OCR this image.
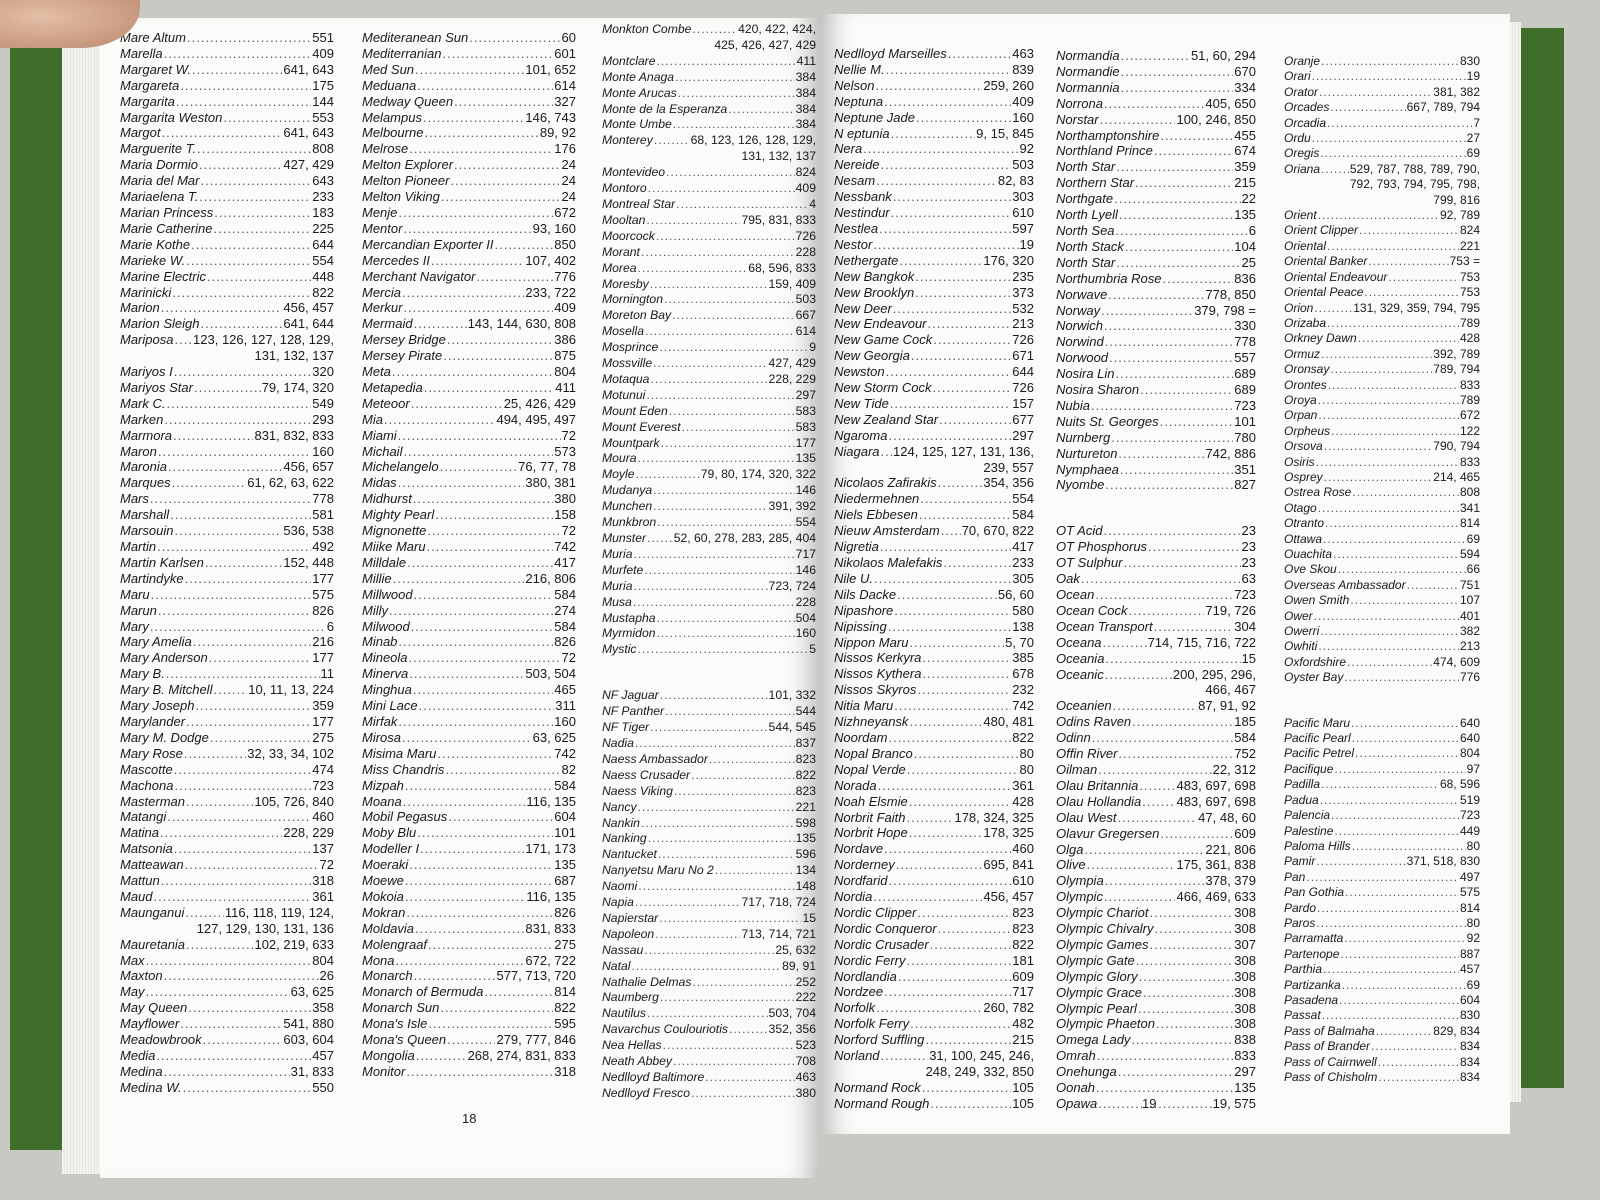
Mare Altum .....	551
Marella .....	409
Margaret W. .....	641, 643
Margareta .....	175
Margarita .....	144
Margarita Weston .....	553
Margot .....	641, 643
Marguerite T. .....	808
Maria Dormio .....	427, 429
Maria del Mar .....	643
Mariaelena T. .....	233
Marian Princess .....	183
Marie Catherine .....	225
Marie Kothe .....	644
Marieke W. .....	554
Marine Electric .....	448
Marinicki .....	822
Marion .....	456, 457
Marion Sleigh .....	641, 644
Mariposa ..... 123, 126, 127, 128, 129,
131, 132, 137
Mariyos I .....	320
Mariyos Star .....	79, 174, 320
Mark C. .....	549
Marken .....	293
Marmora .....	831, 832, 833
Maron .....	160
Maronia .....	456, 657
Marques .....	61, 62, 63, 622
Mars .....	778
Marshall .....	581
Marsouin .....	536, 538
Martin .....	492
Martin Karlsen .....	152, 448
Martindyke .....	177
Maru .....	575
Marun .....	826
Mary .....	6
Mary Amelia .....	216
Mary Anderson .....	177
Mary B. .....	11
Mary B. Mitchell .....	10, 11, 13, 224
Mary Joseph .....	359
Marylander .....	177
Mary M. Dodge .....	275
Mary Rose .....	32, 33, 34, 102
Mascotte .....	474
Machona .....	723
Masterman .....	105, 726, 840
Matangi .....	460
Matina .....	228, 229
Matsonia .....	137
Matteawan .....	72
Mattun .....	318
Maud .....	361
Maunganui .....	116, 118, 119, 124,
127, 129, 130, 131, 136
Mauretania .....	102, 219, 633
Max .....	804
Maxton .....	26
May .....	63, 625
May Queen .....	358
Mayflower .....	541, 880
Meadowbrook .....	603, 604
Media .....	457
Medina .....	31, 833
Medina W. .....	550
Mediteranean Sun .....	60
Mediterranian .....	601
Med Sun .....	101, 652
Meduana .....	614
Medway Queen .....	327
Melampus .....	146, 743
Melbourne .....	89, 92
Melrose .....	176
Melton Explorer .....	24
Melton Pioneer .....	24
Melton Viking .....	24
Menje .....	672
Mentor .....	93, 160
Mercandian Exporter II .....	850
Mercedes II .....	107, 402
Merchant Navigator .....	776
Mercia .....	233, 722
Merkur .....	409
Mermaid .....	143, 144, 630, 808
Mersey Bridge .....	386
Mersey Pirate .....	875
Meta .....	804
Metapedia .....	411
Meteoor .....	25, 426, 429
Mia .....	494, 495, 497
Miami .....	72
Michail .....	573
Michelangelo .....	76, 77, 78
Midas .....	380, 381
Midhurst .....	380
Mighty Pearl .....	158
Mignonette .....	72
Miike Maru .....	742
Milldale .....	417
Millie .....	216, 806
Millwood .....	584
Milly .....	274
Milwood .....	584
Minab .....	826
Mineola .....	72
Minerva .....	503, 504
Minghua .....	465
Mini Lace .....	311
Mirfak .....	160
Mirosa .....	63, 625
Misima Maru .....	742
Miss Chandris .....	82
Mizpah .....	584
Moana .....	116, 135
Mobil Pegasus .....	604
Moby Blu .....	101
Modeller I .....	171, 173
Moeraki .....	135
Moewe .....	687
Mokoia .....	116, 135
Mokran .....	826
Moldavia .....	831, 833
Molengraaf .....	275
Mona .....	672, 722
Monarch .....	577, 713, 720
Monarch of Bermuda .....	814
Monarch Sun .....	822
Mona's Isle .....	595
Mona's Queen .....	279, 777, 846
Mongolia .....	268, 274, 831, 833
Monitor .....	318
Monkton Combe .....	420, 422, 424,
425, 426, 427, 429
Montclare .....	411
Monte Anaga .....	384
Monte Arucas .....	384
Monte de la Esperanza .....	384
Monte Umbe .....	384
Monterey .....	68, 123, 126, 128, 129,
131, 132, 137
Montevideo .....	824
Montoro .....	409
Montreal Star .....	4
Mooltan .....	795, 831, 833
Moorcock .....	726
Morant .....	228
Morea .....	68, 596, 833
Moresby .....	159, 409
Mornington .....	503
Moreton Bay .....	667
Mosella .....	614
Mosprince .....	9
Mossville .....	427, 429
Motaqua .....	228, 229
Motunui .....	297
Mount Eden .....	583
Mount Everest .....	583
Mountpark .....	177
Moura .....	135
Moyle .....	79, 80, 174, 320, 322
Mudanya .....	146
Munchen .....	391, 392
Munkbron .....	554
Munster ..... 52, 60, 278, 283, 285, 404
Muria .....	717
Murfete .....	146
Muria .....	723, 724
Musa .....	228
Mustapha .....	504
Myrmidon .....	160
Mystic .....	5
NF Jaguar .....	101, 332
NF Panther .....	544
NF Tiger .....	544, 545
Nadia .....	837
Naess Ambassador .....	823
Naess Crusader .....	822
Naess Viking .....	823
Nancy .....	221
Nankin .....	598
Nanking .....	135
Nantucket .....	596
Nanyetsu Maru No 2 .....	134
Naomi .....	148
Napia .....	717, 718, 724
Napierstar .....	15
Napoleon .....	713, 714, 721
Nassau .....	25, 632
Natal .....	89, 91
Nathalie Delmas .....	252
Naumberg .....	222
Nautilus .....	503, 704
Navarchus Coulouriotis .....	352, 356
Nea Hellas .....	523
Neath Abbey .....	708
Nedlloyd Baltimore .....	463
Nedlloyd Fresco .....	380
18
Nedlloyd Marseilles .....	463
Nellie M. .....	839
Nelson .....	259, 260
Neptuna .....	409
Neptune Jade .....	160
N eptunia .....	9, 15, 845
Nera .....	92
Nereide .....	503
Nesam .....	82, 83
Nessbank .....	303
Nestindur .....	610
Nestlea .....	597
Nestor .....	19
Nethergate .....	176, 320
New Bangkok .....	235
New Brooklyn .....	373
New Deer .....	532
New Endeavour .....	213
New Game Cock .....	726
New Georgia .....	671
Newston .....	644
New Storm Cock .....	726
New Tide .....	157
New Zealand Star .....	677
Ngaroma .....	297
Niagara ..... 124, 125, 127, 131, 136,
239, 557
Nicolaos Zafirakis .....	354, 356
Niedermehnen .....	554
Niels Ebbesen .....	584
Nieuw Amsterdam ..... 70, 670, 822
Nigretia .....	417
Nikolaos Malefakis .....	233
Nile U. .....	305
Nils Dacke .....	56, 60
Nipashore .....	580
Nipissing .....	138
Nippon Maru .....	5, 70
Nissos Kerkyra .....	385
Nissos Kythera .....	678
Nissos Skyros .....	232
Nitia Maru .....	742
Nizhneyansk .....	480, 481
Noordam .....	822
Nopal Branco .....	80
Nopal Verde .....	80
Norada .....	361
Noah Elsmie .....	428
Norbrit Faith .....	178, 324, 325
Norbrit Hope .....	178, 325
Nordave .....	460
Norderney .....	695, 841
Nordfarid .....	610
Nordia .....	456, 457
Nordic Clipper .....	823
Nordic Conqueror .....	823
Nordic Crusader .....	822
Nordic Ferry .....	181
Nordlandia .....	609
Nordzee .....	717
Norfolk .....	260, 782
Norfolk Ferry .....	482
Norford Suffling .....	215
Norland .....	31, 100, 245, 246,
248, 249, 332, 850
Normand Rock .....	105
Normand Rough .....	105
Normandia .....	51, 60, 294
Normandie .....	670
Normannia .....	334
Norrona .....	405, 650
Norstar .....	100, 246, 850
Northamptonshire .....	455
Northland Prince .....	674
North Star .....	359
Northern Star .....	215
Northgate .....	22
North Lyell .....	135
North Sea .....	6
North Stack .....	104
North Star .....	25
Northumbria Rose .....	836
Norwave .....	778, 850
Norway .....	379, 798 =
Norwich .....	330
Norwind .....	778
Norwood .....	557
Nosira Lin .....	689
Nosira Sharon .....	689
Nubia .....	723
Nuits St. Georges .....	101
Nurnberg .....	780
Nurtureton .....	742, 886
Nymphaea .....	351
Nyombe .....	827
OT Acid .....	23
OT Phosphorus .....	23
OT Sulphur .....	23
Oak .....	63
Ocean .....	723
Ocean Cock .....	719, 726
Ocean Transport .....	304
Oceana .....	714, 715, 716, 722
Oceania .....	15
Oceanic .....	200, 295, 296,
466, 467
Oceanien .....	87, 91, 92
Odins Raven .....	185
Odinn .....	584
Offin River .....	752
Oilman .....	22, 312
Olau Britannia .....	483, 697, 698
Olau Hollandia .....	483, 697, 698
Olau West .....	47, 48, 60
Olavur Gregersen .....	609
Olga .....	221, 806
Olive .....	175, 361, 838
Olympia .....	378, 379
Olympic .....	466, 469, 633
Olympic Chariot .....	308
Olympic Chivalry .....	308
Olympic Games .....	307
Olympic Gate .....	308
Olympic Glory .....	308
Olympic Grace .....	308
Olympic Pearl .....	308
Olympic Phaeton .....	308
Omega Lady .....	838
Omrah .....	833
Onehunga .....	297
Oonah .....	135
Opawa .....	19, 575
Oranje .....	830
Orari .....	19
Orator .....	381, 382
Orcades .....	667, 789, 794
Orcadia .....	7
Ordu .....	27
Oregis .....	69
Oriana ..... 529, 787, 788, 789, 790,
792, 793, 794, 795, 798,
799, 816
Orient .....	92, 789
Orient Clipper .....	824
Oriental .....	221
Oriental Banker .....	753 =
Oriental Endeavour .....	753
Oriental Peace .....	753
Orion .....	131, 329, 359, 794, 795
Orizaba .....	789
Orkney Dawn .....	428
Ormuz .....	392, 789
Oronsay .....	789, 794
Orontes .....	833
Oroya .....	789
Orpan .....	672
Orpheus .....	122
Orsova .....	790, 794
Osiris .....	833
Osprey .....	214, 465
Ostrea Rose .....	808
Otago .....	341
Otranto .....	814
Ottawa .....	69
Ouachita .....	594
Ove Skou .....	66
Overseas Ambassador .....	751
Owen Smith .....	107
Ower .....	401
Owerri .....	382
Owhiti .....	213
Oxfordshire .....	474, 609
Oyster Bay .....	776
Pacific Maru .....	640
Pacific Pearl .....	640
Pacific Petrel .....	804
Pacifique .....	97
Padilla .....	68, 596
Padua .....	519
Palencia .....	723
Palestine .....	449
Paloma Hills .....	80
Pamir .....	371, 518, 830
Pan .....	497
Pan Gothia .....	575
Pardo .....	814
Paros .....	80
Parramatta .....	92
Partenope .....	887
Parthia .....	457
Partizanka .....	69
Pasadena .....	604
Passat .....	830
Pass of Balmaha .....	829, 834
Pass of Brander .....	834
Pass of Cairnwell .....	834
Pass of Chisholm .....	834
19
